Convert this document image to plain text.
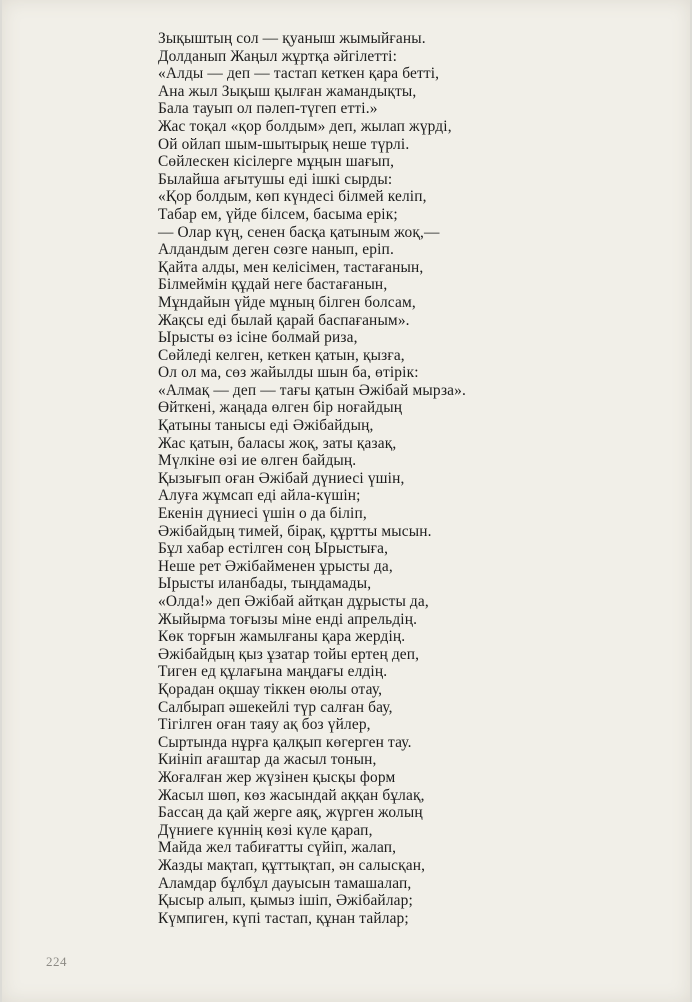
Зықыштың сол — қуаныш жымыйғаны.
Долданып Жаңыл жұртқа әйгілетті:
«Алды — деп — тастап кеткен қара бетті,
Ана жыл Зықыш қылған жамандықты,
Бала тауып ол пәлеп-түгеп етті.»
Жас тоқал «қор болдым» деп, жылап жүрді,
Ой ойлап шым-шытырық неше түрлі.
Сөйлескен кісілерге мұңын шағып,
Былайша ағытушы еді ішкі сырды:
«Қор болдым, көп күндесі білмей келіп,
Табар ем, үйде білсем, басыма ерік;
— Олар күң, сенен басқа қатыным жоқ,—
Алдандым деген сөзге нанып, еріп.
Қайта алды, мен келісімен, тастағанын,
Білмеймін құдай неге бастағанын,
Мұндайын үйде мұның білген болсам,
Жақсы еді былай қарай баспағаным».
Ырысты өз ісіне болмай риза,
Сөйледі келген, кеткен қатын, қызға,
Ол ол ма, сөз жайылды шын ба, өтірік:
«Алмақ — деп — тағы қатын Әжібай мырза».
Өйткені, жаңада өлген бір ноғайдың
Қатыны танысы еді Әжібайдың,
Жас қатын, баласы жоқ, заты қазақ,
Мүлкіне өзі ие өлген байдың.
Қызығып оған Әжібай дүниесі үшін,
Алуға жұмсап еді айла-күшін;
Екенін дүниесі үшін о да біліп,
Әжібайдың тимей, бірақ, құртты мысын.
Бұл хабар естілген соң Ырыстыға,
Неше рет Әжібайменен ұрысты да,
Ырысты иланбады, тыңдамады,
«Олда!» деп Әжібай айтқан дұрысты да,
Жыйырма тоғызы міне енді апрельдің.
Көк торғын жамылғаны қара жердің.
Әжібайдың қыз ұзатар тойы ертең деп,
Тиген ед құлағына маңдағы елдің.
Қорадан оқшау тіккен өюлы отау,
Салбырап әшекейлі түр салған бау,
Тігілген оған таяу ақ боз үйлер,
Сыртында нұрға қалқып көгерген тау.
Киініп ағаштар да жасыл тонын,
Жоғалған жер жүзінен қысқы форм
Жасыл шөп, көз жасындай аққан бұлақ,
Бассаң да қай жерге аяқ, жүрген жолың
Дүниеге күннің көзі күле қарап,
Майда жел табиғатты сүйіп, жалап,
Жазды мақтап, құттықтап, ән салысқан,
Аламдар бұлбұл дауысын тамашалап,
Қысыр алып, қымыз ішіп, Әжібайлар;
Күмпиген, күпі тастап, құнан тайлар;
224
